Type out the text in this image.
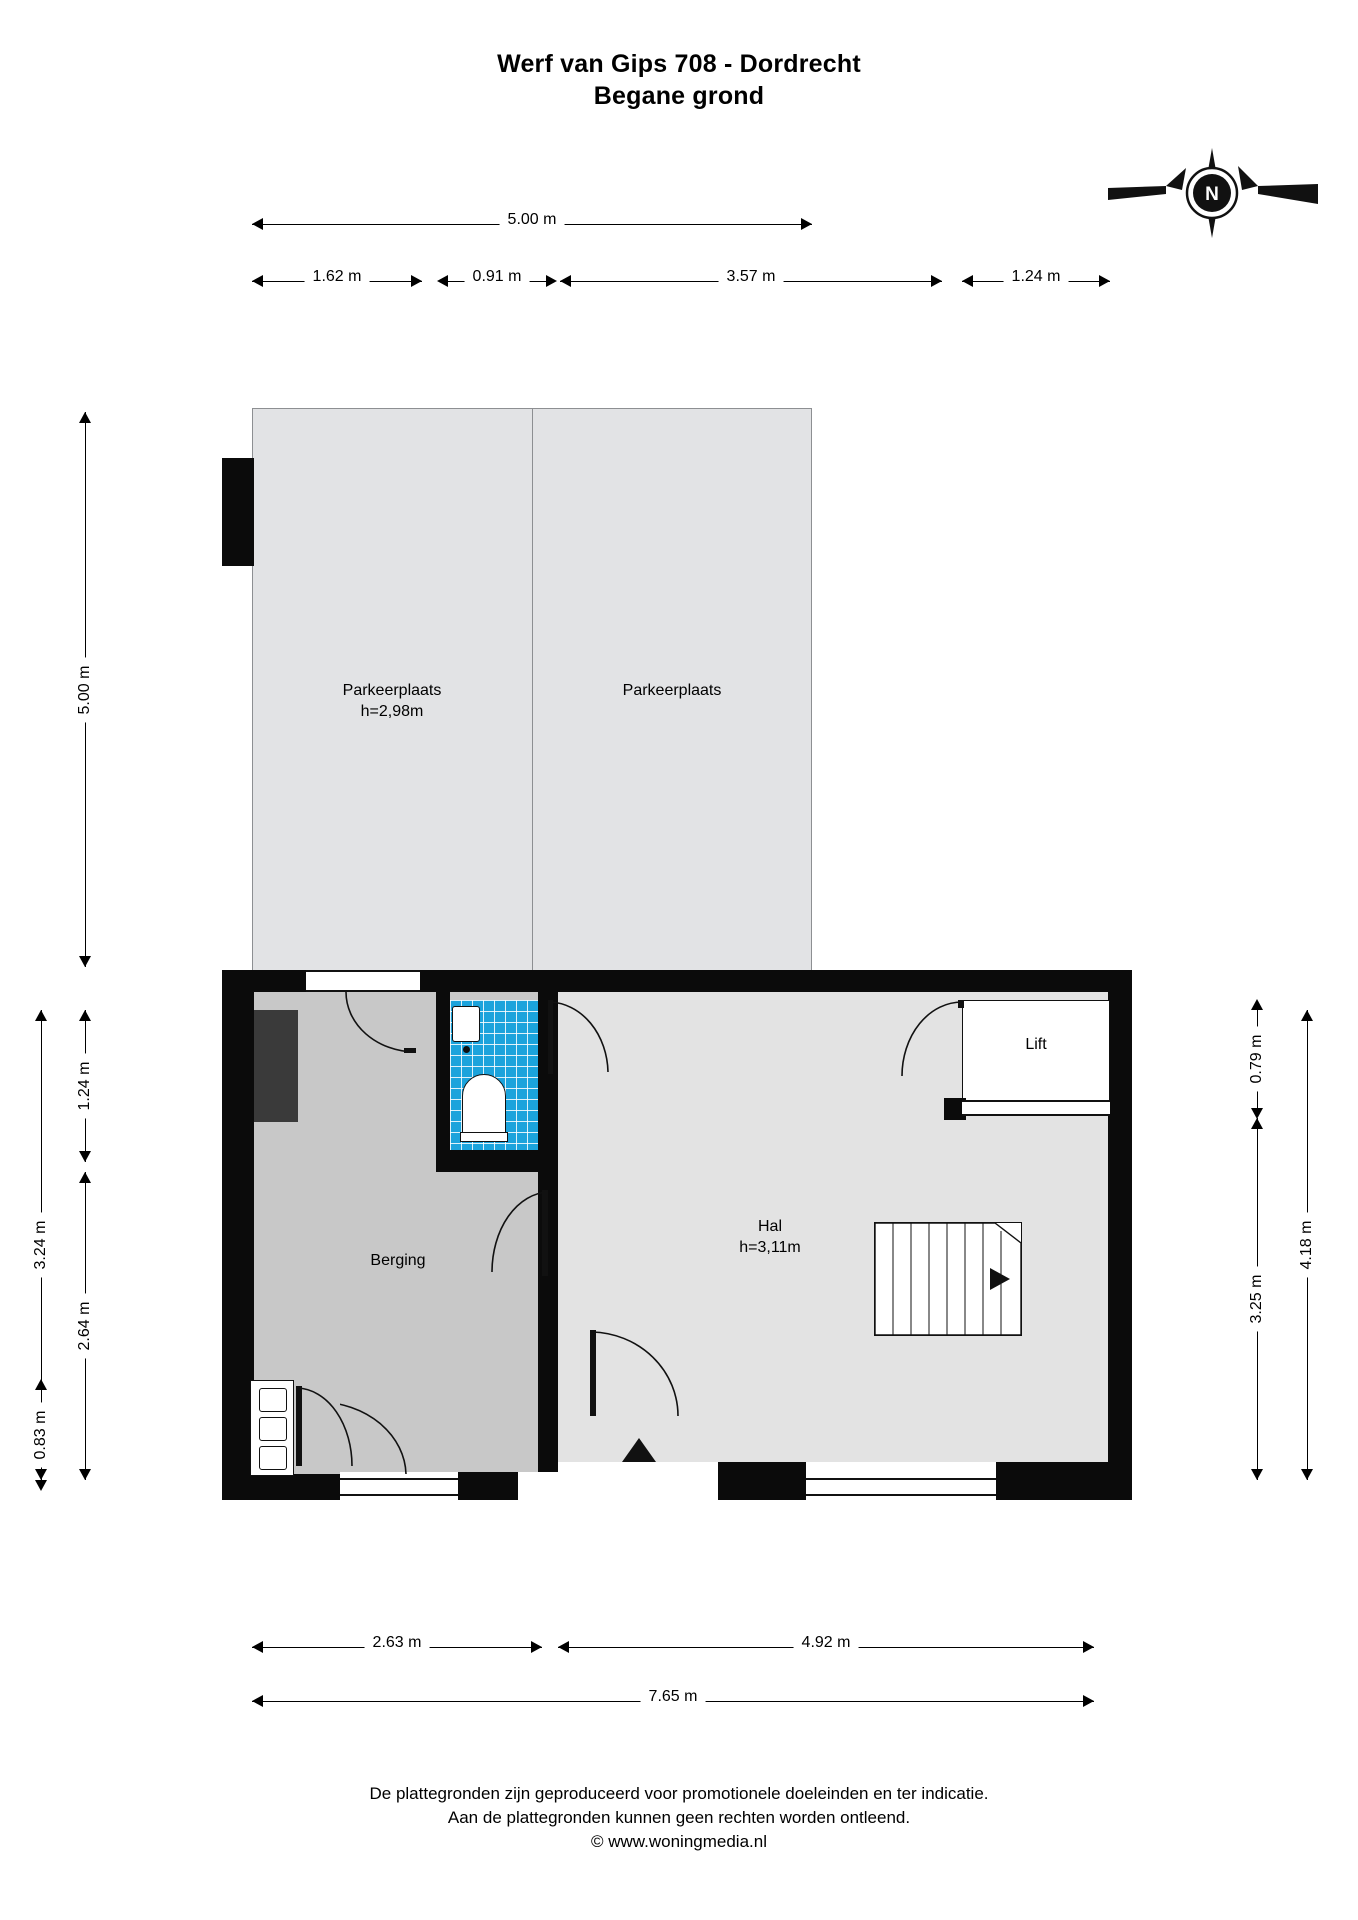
Werf van Gips 708 - Dordrecht
Begane grond
N
5.00 m
1.62 m	0.91 m	3.57 m	1.24 m
5.00 m
3.24 m
1.24 m
2.64 m
0.83 m
4.18 m
0.79 m
3.25 m
2.63 m	4.92 m
7.65 m
Parkeerplaats
h=2,98m
Parkeerplaats
Lift
Hal
h=3,11m
Berging
De plattegronden zijn geproduceerd voor promotionele doeleinden en ter indicatie.
Aan de plattegronden kunnen geen rechten worden ontleend.
© www.woningmedia.nl
